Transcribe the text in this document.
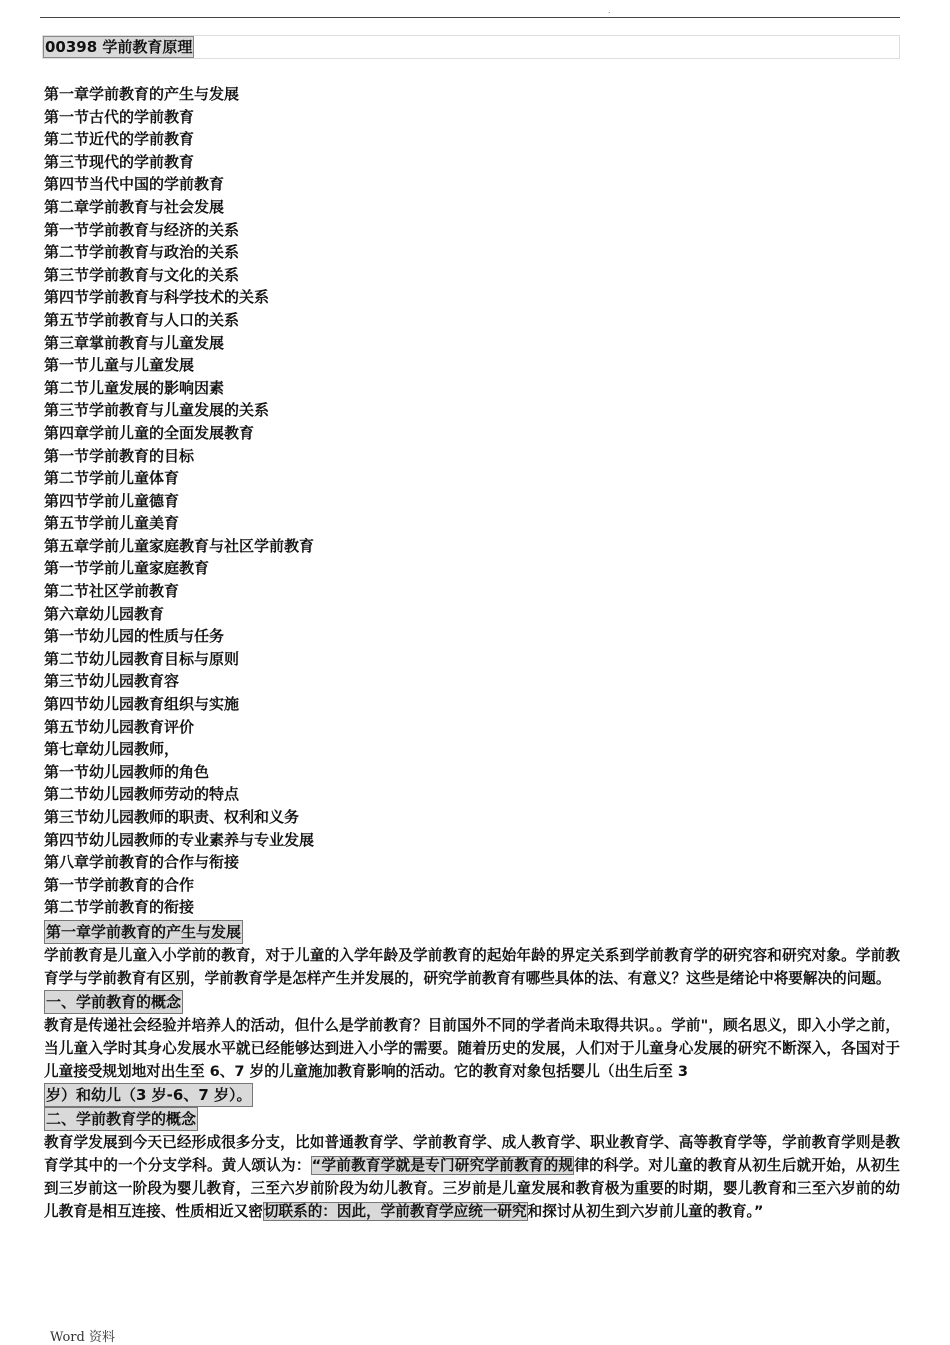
.
00398 学前教育原理
第一章学前教育的产生与发展
第一节古代的学前教育
第二节近代的学前教育
第三节现代的学前教育
第四节当代中国的学前教育
第二章学前教育与社会发展
第一节学前教育与经济的关系
第二节学前教育与政治的关系
第三节学前教育与文化的关系
第四节学前教育与科学技术的关系
第五节学前教育与人口的关系
第三章掌前教育与儿童发展
第一节儿童与儿童发展
第二节儿童发展的影响因素
第三节学前教育与儿童发展的关系
第四章学前儿童的全面发展教育
第一节学前教育的目标
第二节学前儿童体育
第四节学前儿童德育
第五节学前儿童美育
第五章学前儿童家庭教育与社区学前教育
第一节学前儿童家庭教育
第二节社区学前教育
第六章幼儿园教育
第一节幼儿园的性质与任务
第二节幼儿园教育目标与原则
第三节幼儿园教育容
第四节幼儿园教育组织与实施
第五节幼儿园教育评价
第七章幼儿园教师，
第一节幼儿园教师的角色
第二节幼儿园教师劳动的特点
第三节幼儿园教师的职责、权利和义务
第四节幼儿园教师的专业素养与专业发展
第八章学前教育的合作与衔接
第一节学前教育的合作
第二节学前教育的衔接
第一章学前教育的产生与发展

学前教育是儿童入小学前的教育，对于儿童的入学年龄及学前教育的起始年龄的界定关系到学前教育学的研究容和研究对象。学前教育学与学前教育有区别，学前教育学是怎样产生并发展的，研究学前教育有哪些具体的法、有意义？这些是绪论中将要解决的问题。

一、学前教育的概念

教育是传递社会经验并培养人的活动，但什么是学前教育？目前国外不同的学者尚未取得共识。。学前"，顾名思义，即入小学之前，当儿童入学时其身心发展水平就已经能够达到进入小学的需要。随着历史的发展，人们对于儿童身心发展的研究不断深入，各国对于儿童接受规划地对出生至 6、7 岁的儿童施加教育影响的活动。它的教育对象包括婴儿（出生后至 3

岁）和幼儿（3 岁-6、7 岁）。
二、学前教育学的概念

教育学发展到今天已经形成很多分支，比如普通教育学、学前教育学、成人教育学、职业教育学、高等教育学等，学前教育学则是教育学其中的一个分支学科。黄人颂认为：“学前教育学就是专门研究学前教育的规律的科学。对儿童的教育从初生后就开始，从初生到三岁前这一阶段为婴儿教育，三至六岁前阶段为幼儿教育。三岁前是儿童发展和教育极为重要的时期，婴儿教育和三至六岁前的幼儿教育是相互连接、性质相近又密切联系的：因此，学前教育学应统一研究和探讨从初生到六岁前儿童的教育。”

Word 资料
